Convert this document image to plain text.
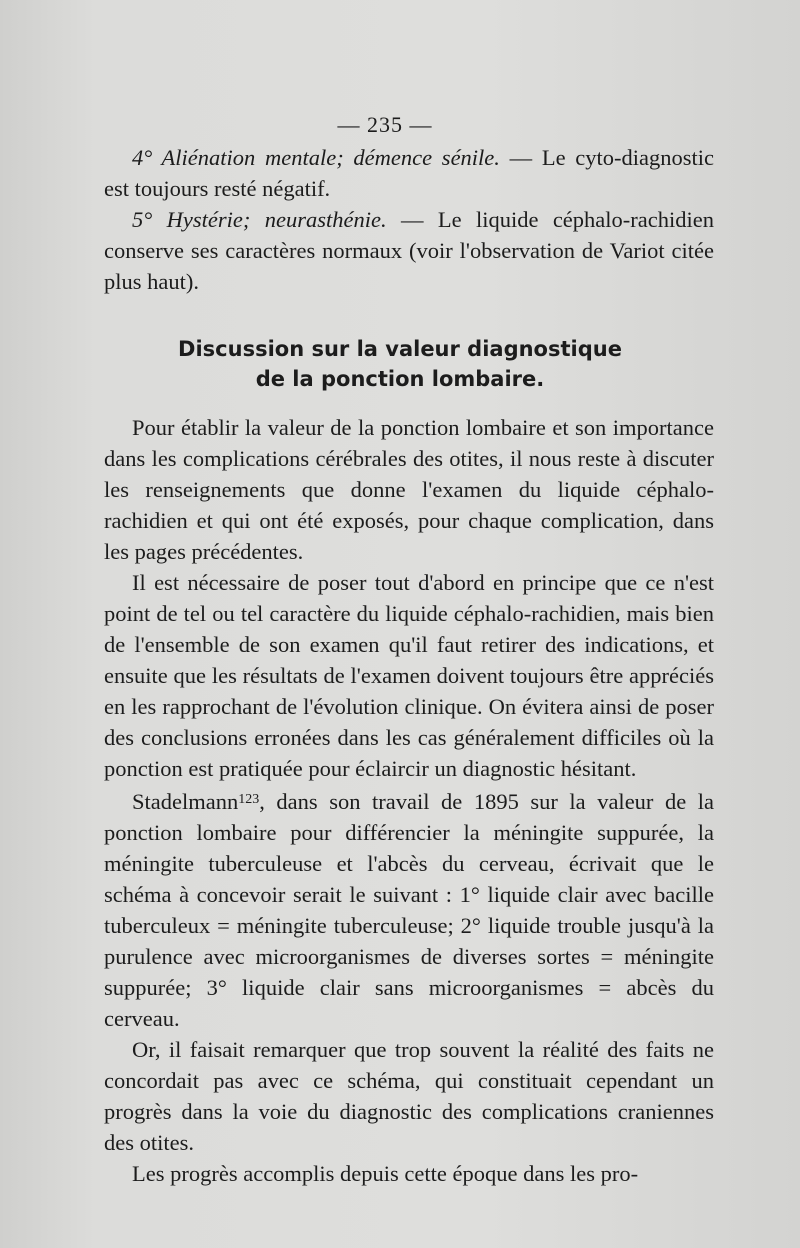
— 235 —

4° Aliénation mentale; démence sénile. — Le cyto-diagnostic est toujours resté négatif.

5° Hystérie; neurasthénie. — Le liquide céphalo-rachidien conserve ses caractères normaux (voir l'observation de Variot citée plus haut).

Discussion sur la valeur diagnostique
de la ponction lombaire.

Pour établir la valeur de la ponction lombaire et son importance dans les complications cérébrales des otites, il nous reste à discuter les renseignements que donne l'examen du liquide céphalo-rachidien et qui ont été exposés, pour chaque complication, dans les pages précédentes.

Il est nécessaire de poser tout d'abord en principe que ce n'est point de tel ou tel caractère du liquide céphalo-rachidien, mais bien de l'ensemble de son examen qu'il faut retirer des indications, et ensuite que les résultats de l'examen doivent toujours être appréciés en les rapprochant de l'évolution clinique. On évitera ainsi de poser des conclusions erronées dans les cas généralement difficiles où la ponction est pratiquée pour éclaircir un diagnostic hésitant.

Stadelmann$^{123}$, dans son travail de 1895 sur la valeur de la ponction lombaire pour différencier la méningite suppurée, la méningite tuberculeuse et l'abcès du cerveau, écrivait que le schéma à concevoir serait le suivant : 1° liquide clair avec bacille tuberculeux = méningite tuberculeuse; 2° liquide trouble jusqu'à la purulence avec microorganismes de diverses sortes = méningite suppurée; 3° liquide clair sans microorganismes = abcès du cerveau.

Or, il faisait remarquer que trop souvent la réalité des faits ne concordait pas avec ce schéma, qui constituait cependant un progrès dans la voie du diagnostic des complications craniennes des otites.

Les progrès accomplis depuis cette époque dans les pro-
